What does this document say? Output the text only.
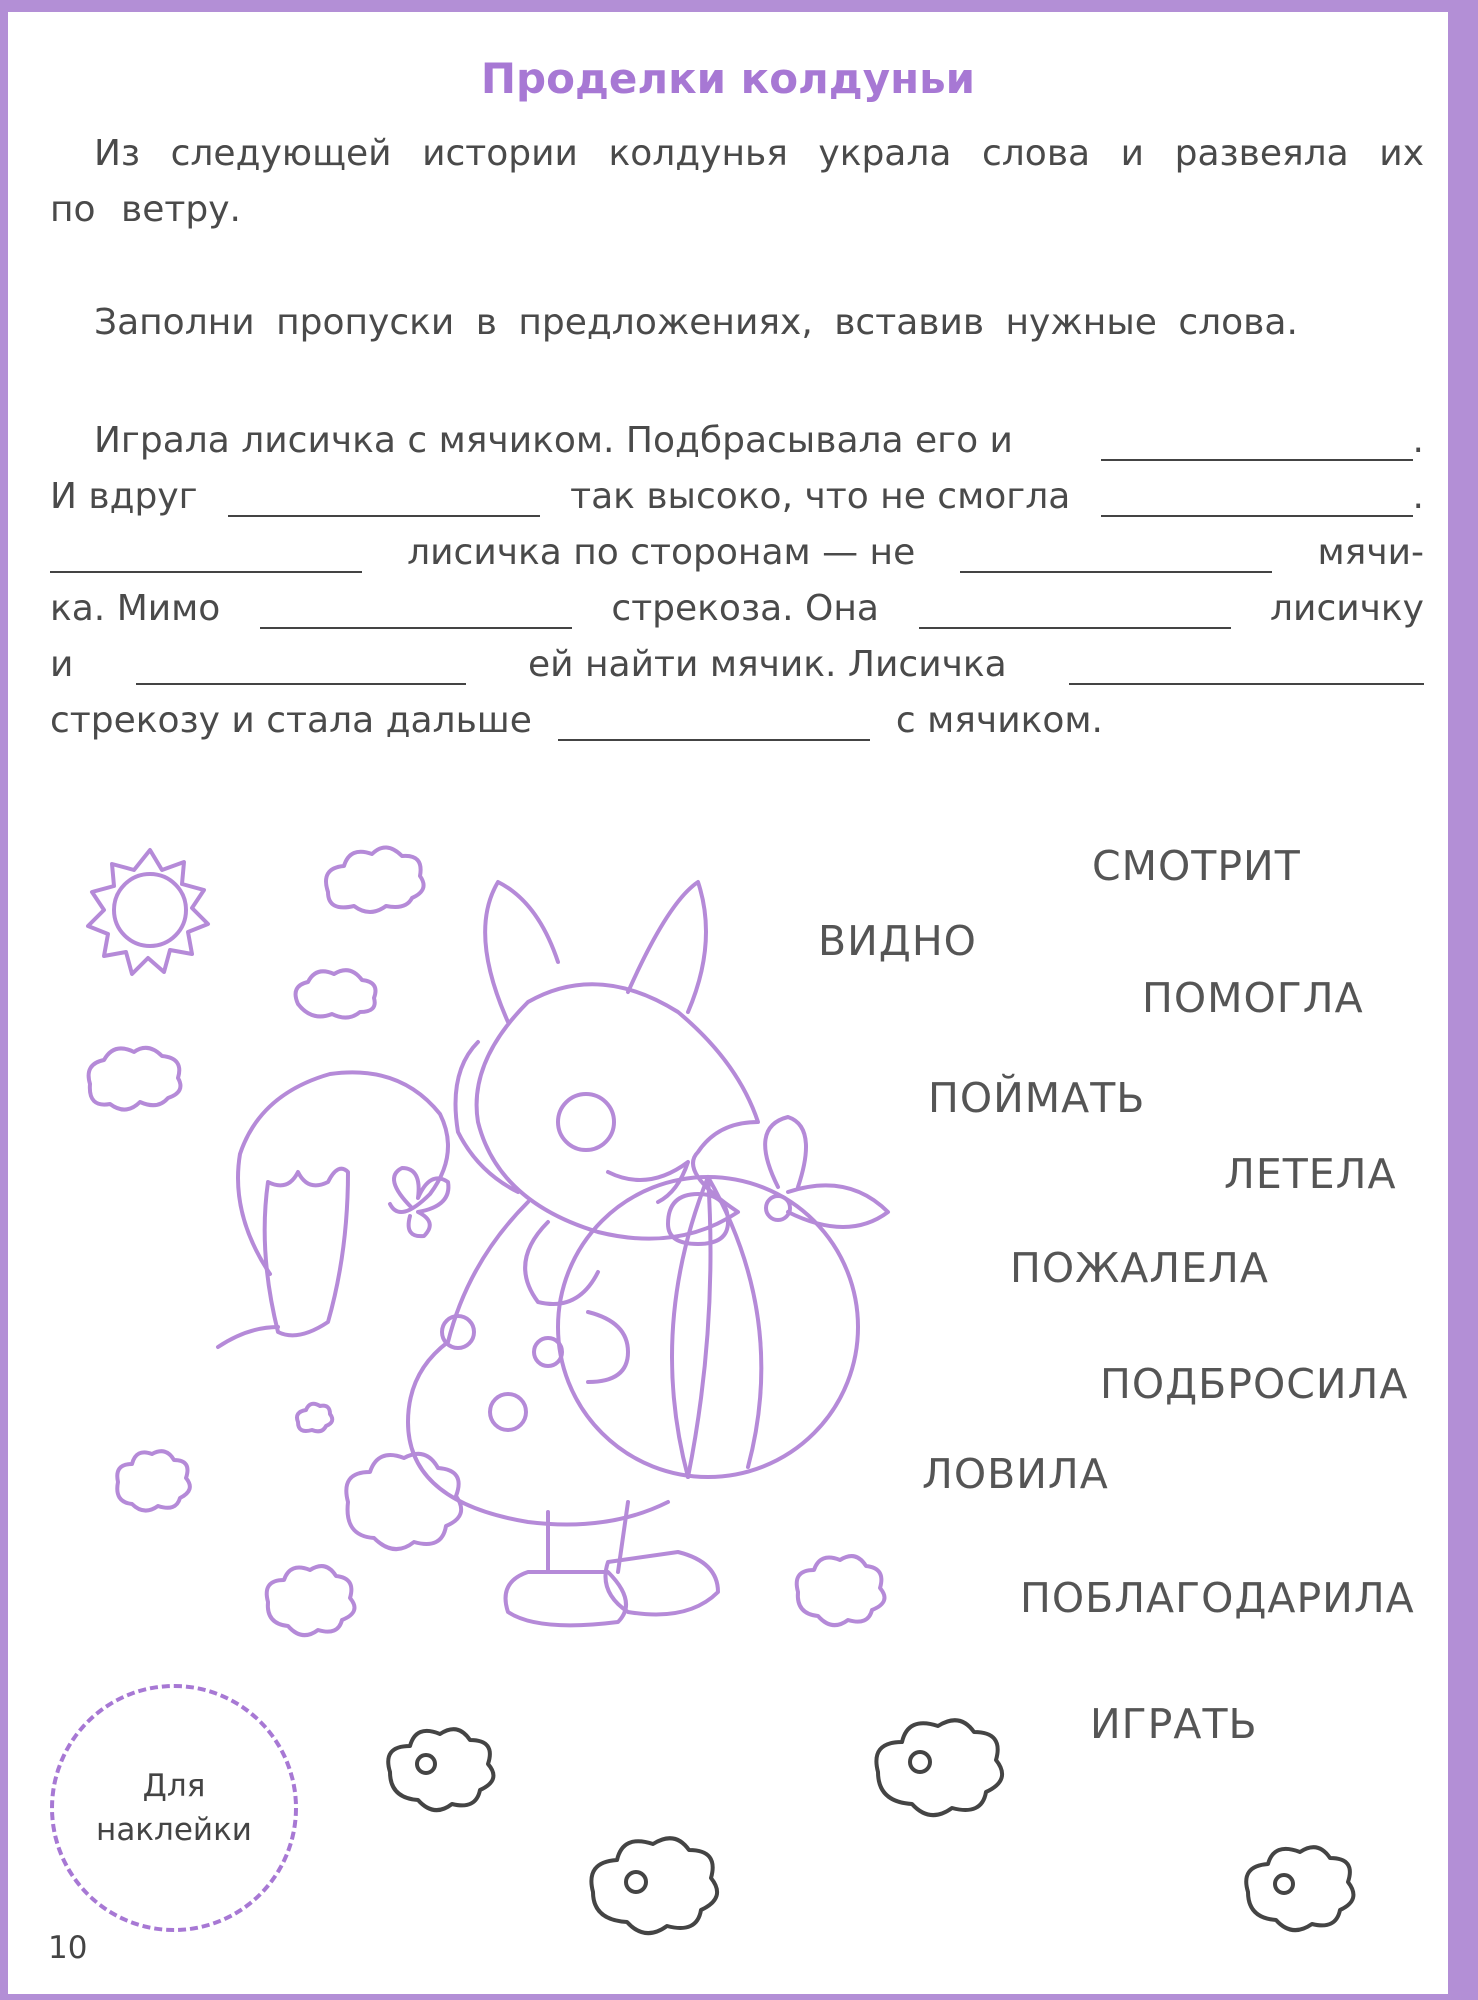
Проделки колдуньи

Из следующей истории колдунья украла слова и развеяла их по ветру.

Заполни пропуски в предложениях, вставив нужные слова.

Играла лисичка с мячиком. Подбрасывала его и	.
И вдруг	так высоко, что не смогла	.
лисичка по сторонам — не	мячи-
ка. Мимо	стрекоза. Она	лисичку
и	ей найти мячик. Лисичка
стрекозу и стала дальше	с мячиком.
СМОТРИТ
ВИДНО
ПОМОГЛА
ПОЙМАТЬ
ЛЕТЕЛА
ПОЖАЛЕЛА
ПОДБРОСИЛА
ЛОВИЛА
ПОБЛАГОДАРИЛА
ИГРАТЬ
Для
наклейки
10
